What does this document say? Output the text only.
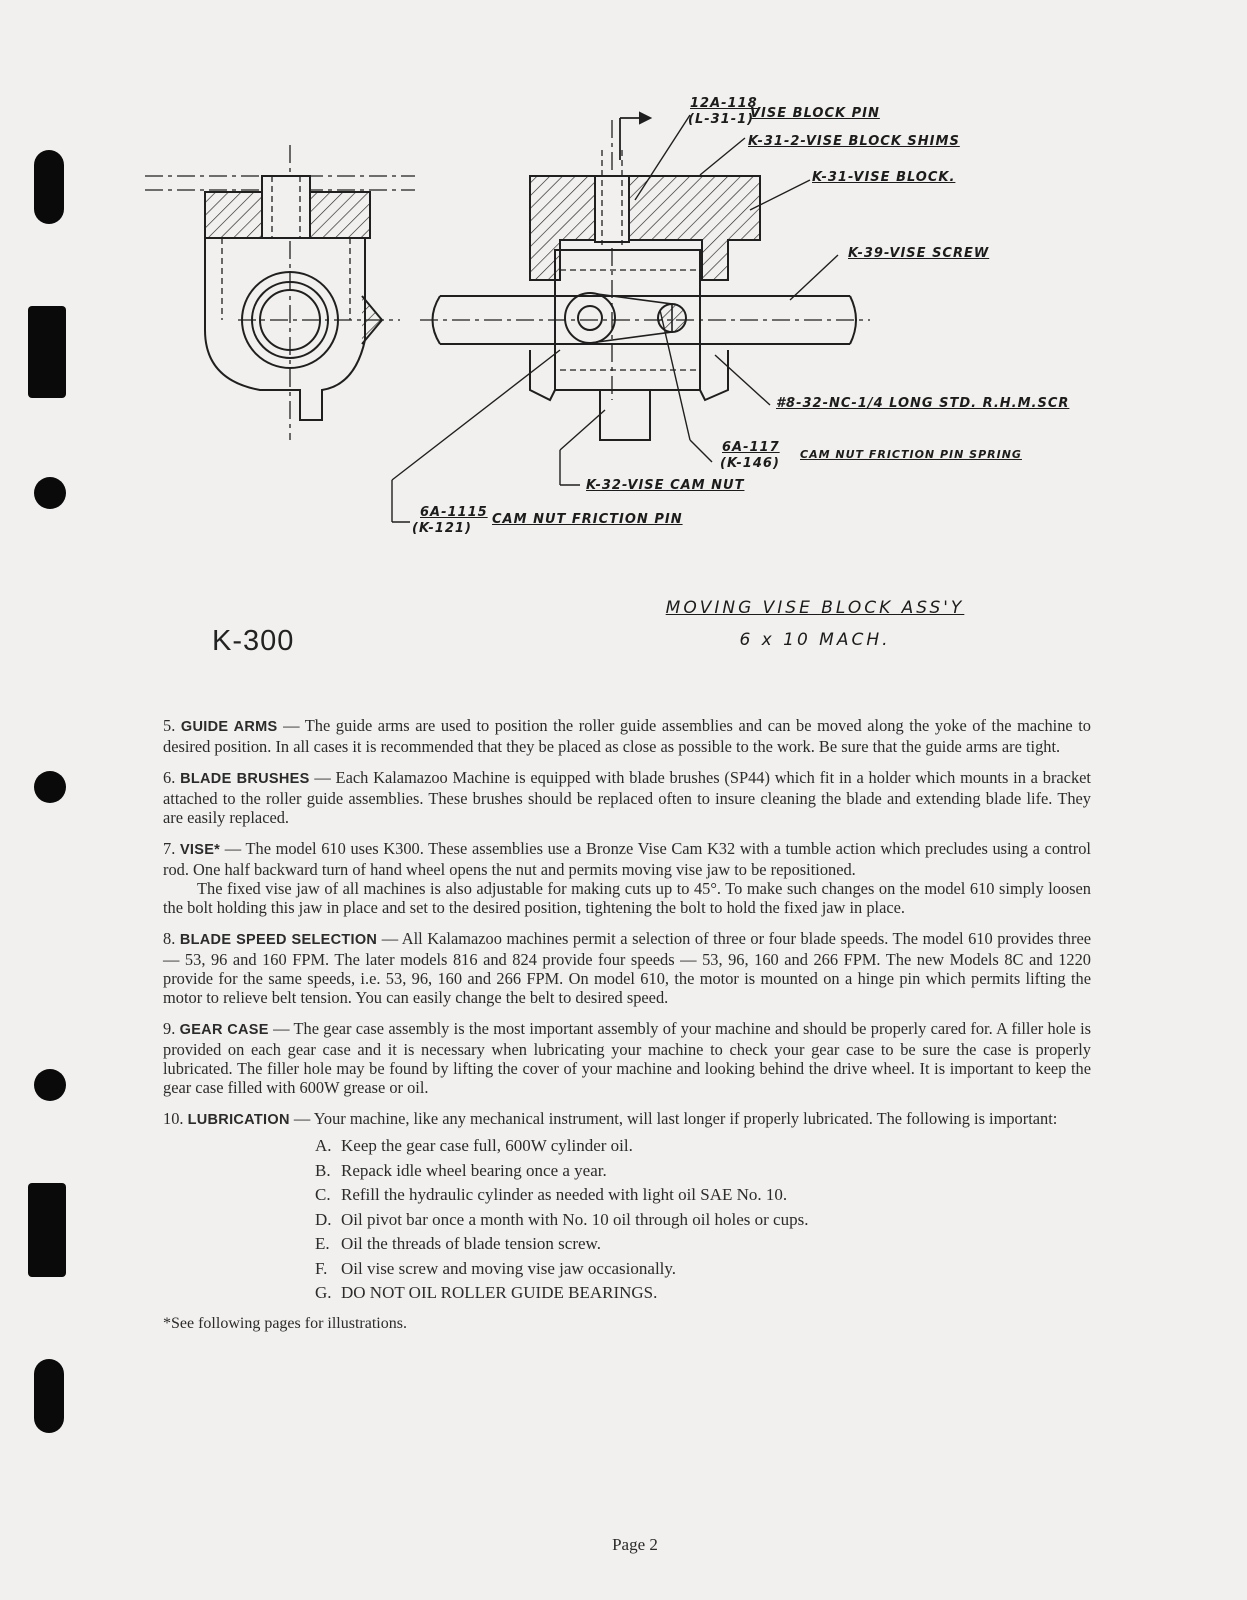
12A-118
(L-31-1)
VISE BLOCK PIN
K-31-2-VISE BLOCK SHIMS
K-31-VISE BLOCK.
K-39-VISE SCREW
#8-32-NC-1/4 LONG STD. R.H.M.SCR
6A-117
(K-146)
CAM NUT FRICTION PIN SPRING
K-32-VISE CAM NUT
6A-1115
(K-121)
CAM NUT FRICTION PIN
K-300
MOVING VISE BLOCK ASS'Y
6 x 10 MACH.

5. GUIDE ARMS — The guide arms are used to position the roller guide assemblies and can be moved along the yoke of the machine to desired position. In all cases it is recommended that they be placed as close as possible to the work. Be sure that the guide arms are tight.

6. BLADE BRUSHES — Each Kalamazoo Machine is equipped with blade brushes (SP44) which fit in a holder which mounts in a bracket attached to the roller guide assemblies. These brushes should be replaced often to insure cleaning the blade and extending blade life. They are easily replaced.

7. VISE* — The model 610 uses K300. These assemblies use a Bronze Vise Cam K32 with a tumble action which precludes using a control rod. One half backward turn of hand wheel opens the nut and permits moving vise jaw to be repositioned.

The fixed vise jaw of all machines is also adjustable for making cuts up to 45°. To make such changes on the model 610 simply loosen the bolt holding this jaw in place and set to the desired position, tightening the bolt to hold the fixed jaw in place.

8. BLADE SPEED SELECTION — All Kalamazoo machines permit a selection of three or four blade speeds. The model 610 provides three — 53, 96 and 160 FPM. The later models 816 and 824 provide four speeds — 53, 96, 160 and 266 FPM. The new Models 8C and 1220 provide for the same speeds, i.e. 53, 96, 160 and 266 FPM. On model 610, the motor is mounted on a hinge pin which permits lifting the motor to relieve belt tension. You can easily change the belt to desired speed.

9. GEAR CASE — The gear case assembly is the most important assembly of your machine and should be properly cared for. A filler hole is provided on each gear case and it is necessary when lubricating your machine to check your gear case to be sure the case is properly lubricated. The filler hole may be found by lifting the cover of your machine and looking behind the drive wheel. It is important to keep the gear case filled with 600W grease or oil.

10. LUBRICATION — Your machine, like any mechanical instrument, will last longer if properly lubricated. The following is important:

A. Keep the gear case full, 600W cylinder oil.
B. Repack idle wheel bearing once a year.
C. Refill the hydraulic cylinder as needed with light oil SAE No. 10.
D. Oil pivot bar once a month with No. 10 oil through oil holes or cups.
E. Oil the threads of blade tension screw.
F. Oil vise screw and moving vise jaw occasionally.
G. DO NOT OIL ROLLER GUIDE BEARINGS.
*See following pages for illustrations.
Page 2
